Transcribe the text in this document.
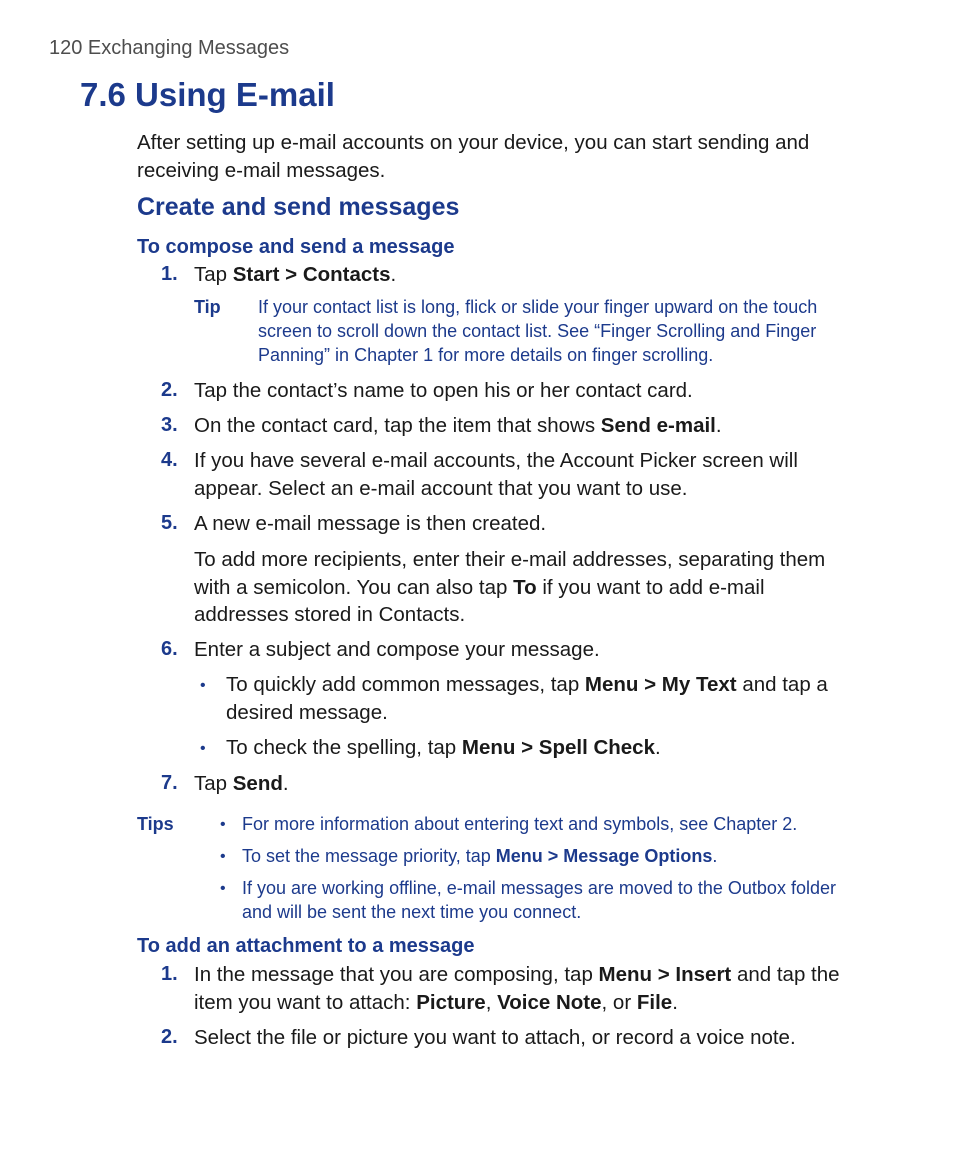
120 Exchanging Messages
7.6 Using E-mail
After setting up e-mail accounts on your device, you can start sending and receiving e-mail messages.
Create and send messages
To compose and send a message
1. Tap Start > Contacts.
Tip If your contact list is long, flick or slide your finger upward on the touch screen to scroll down the contact list. See “Finger Scrolling and Finger Panning” in Chapter 1 for more details on finger scrolling.
2. Tap the contact’s name to open his or her contact card.
3. On the contact card, tap the item that shows Send e-mail.
4. If you have several e-mail accounts, the Account Picker screen will appear. Select an e-mail account that you want to use.
5. A new e-mail message is then created.
To add more recipients, enter their e-mail addresses, separating them with a semicolon. You can also tap To if you want to add e-mail addresses stored in Contacts.
6. Enter a subject and compose your message.
• To quickly add common messages, tap Menu > My Text and tap a desired message.
• To check the spelling, tap Menu > Spell Check.
7. Tap Send.
Tips	• For more information about entering text and symbols, see Chapter 2.
• To set the message priority, tap Menu > Message Options.
• If you are working offline, e-mail messages are moved to the Outbox folder and will be sent the next time you connect.
To add an attachment to a message
1. In the message that you are composing, tap Menu > Insert and tap the item you want to attach: Picture, Voice Note, or File.
2. Select the file or picture you want to attach, or record a voice note.
